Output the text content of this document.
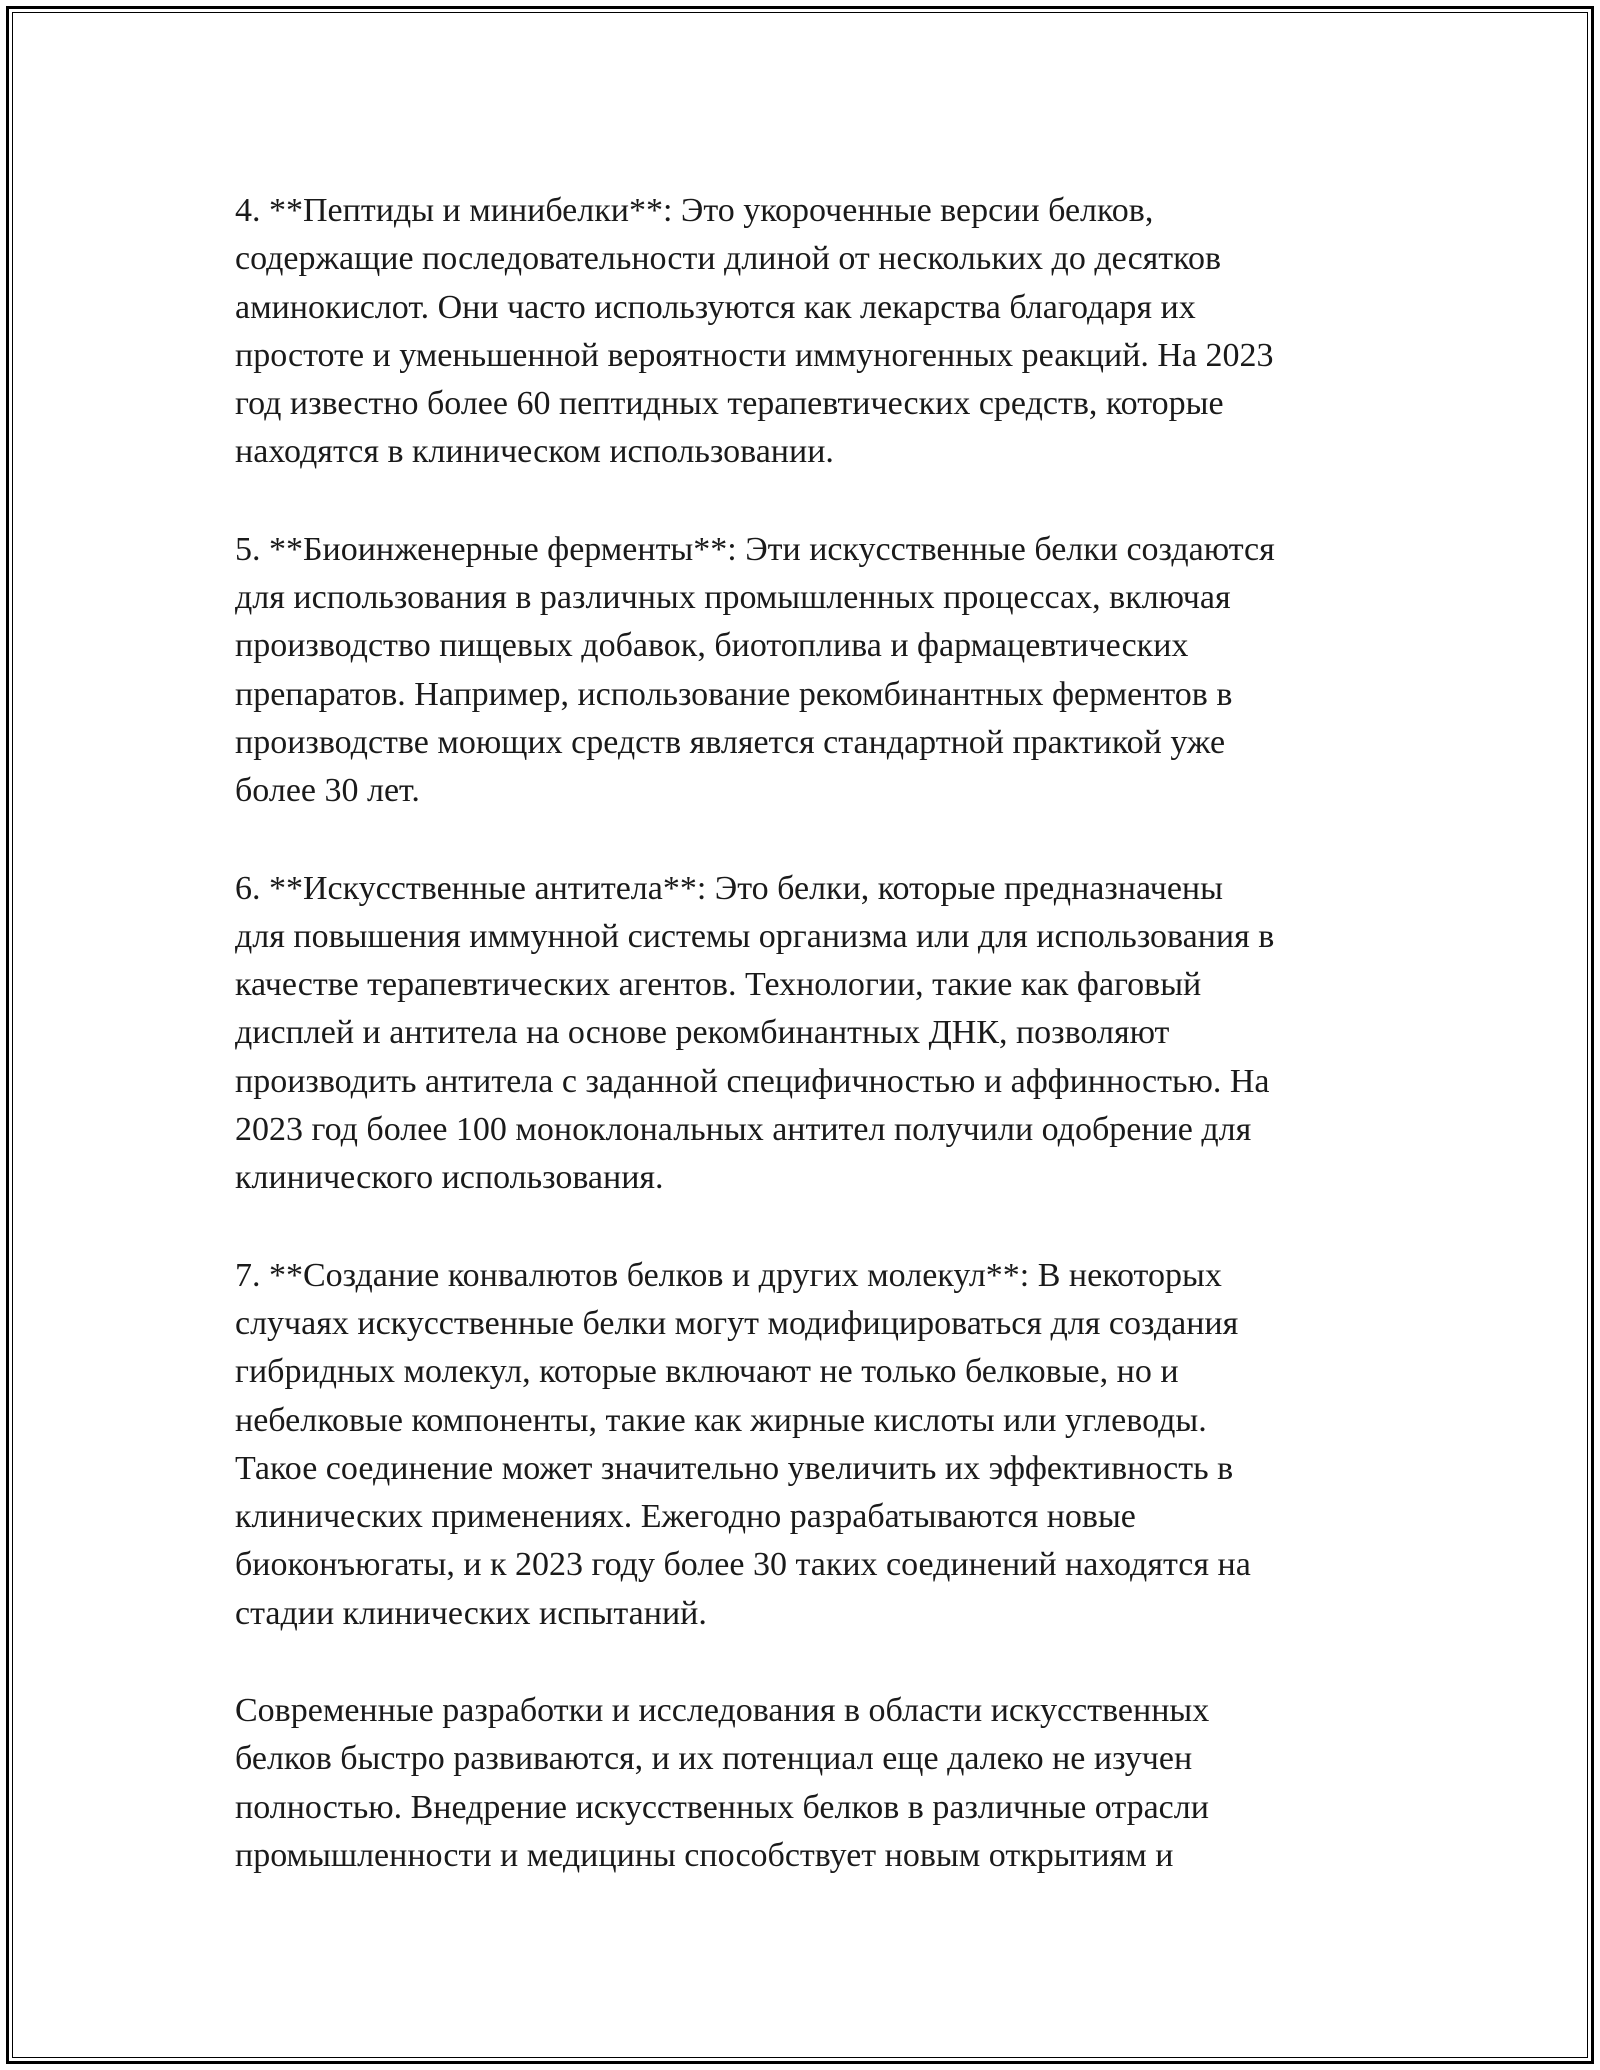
4. **Пептиды и минибелки**: Это укороченные версии белков,
содержащие последовательности длиной от нескольких до десятков
аминокислот. Они часто используются как лекарства благодаря их
простоте и уменьшенной вероятности иммуногенных реакций. На 2023
год известно более 60 пептидных терапевтических средств, которые
находятся в клиническом использовании.

5. **Биоинженерные ферменты**: Эти искусственные белки создаются
для использования в различных промышленных процессах, включая
производство пищевых добавок, биотоплива и фармацевтических
препаратов. Например, использование рекомбинантных ферментов в
производстве моющих средств является стандартной практикой уже
более 30 лет.

6. **Искусственные антитела**: Это белки, которые предназначены
для повышения иммунной системы организма или для использования в
качестве терапевтических агентов. Технологии, такие как фаговый
дисплей и антитела на основе рекомбинантных ДНК, позволяют
производить антитела с заданной специфичностью и аффинностью. На
2023 год более 100 моноклональных антител получили одобрение для
клинического использования.

7. **Создание конвалютов белков и других молекул**: В некоторых
случаях искусственные белки могут модифицироваться для создания
гибридных молекул, которые включают не только белковые, но и
небелковые компоненты, такие как жирные кислоты или углеводы.
Такое соединение может значительно увеличить их эффективность в
клинических применениях. Ежегодно разрабатываются новые
биоконъюгаты, и к 2023 году более 30 таких соединений находятся на
стадии клинических испытаний.

Современные разработки и исследования в области искусственных
белков быстро развиваются, и их потенциал еще далеко не изучен
полностью. Внедрение искусственных белков в различные отрасли
промышленности и медицины способствует новым открытиям и
